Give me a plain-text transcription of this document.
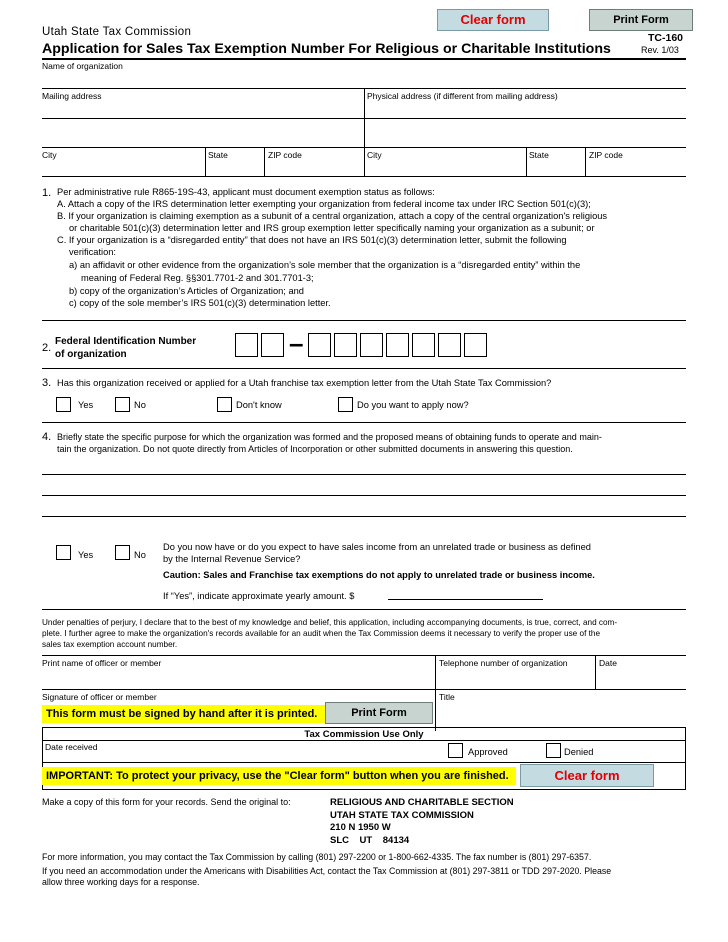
Clear form	Print Form
Utah State Tax Commission
Application for Sales Tax Exemption Number For Religious or Charitable Institutions
TC-160
Rev. 1/03
Name of organization
Mailing address	Physical address (if different from mailing address)
City	State	ZIP code	City	State	ZIP code
1. Per administrative rule R865-19S-43, applicant must document exemption status as follows:
A. Attach a copy of the IRS determination letter exempting your organization from federal income tax under IRC Section 501(c)(3);
B. If your organization is claiming exemption as a subunit of a central organization, attach a copy of the central organization's religious
or charitable 501(c)(3) determination letter and IRS group exemption letter specifically naming your organization as a subunit; or
C. If your organization is a “disregarded entity” that does not have an IRS 501(c)(3) determination letter, submit the following
verification:
a) an affidavit or other evidence from the organization’s sole member that the organization is a “disregarded entity” within the
meaning of Federal Reg. §§301.7701-2 and 301.7701-3;
b) copy of the organization’s Articles of Organization; and
c) copy of the sole member’s IRS 501(c)(3) determination letter.
2.
Federal Identification Number
of organization	–
3. Has this organization received or applied for a Utah franchise tax exemption letter from the Utah State Tax Commission?
Yes	No	Don't know	Do you want to apply now?
4. Briefly state the specific purpose for which the organization was formed and the proposed means of obtaining funds to operate and main-
tain the organization. Do not quote directly from Articles of Incorporation or other submitted documents in answering this question.
Yes	No
Do you now have or do you expect to have sales income from an unrelated trade or business as defined
by the Internal Revenue Service?
Caution: Sales and Franchise tax exemptions do not apply to unrelated trade or business income.
If “Yes”, indicate approximate yearly amount. $
Under penalties of perjury, I declare that to the best of my knowledge and belief, this application, including accompanying documents, is true, correct, and com-
plete. I further agree to make the organization's records available for an audit when the Tax Commission deems it necessary to verify the proper use of the
sales tax exemption account number.
Print name of officer or member	Telephone number of organization	Date
Signature of officer or member	Title
This form must be signed by hand after it is printed.	Print Form
Tax Commission Use Only
Date received	Approved	Denied
IMPORTANT: To protect your privacy, use the "Clear form" button when you are finished.	Clear form
Make a copy of this form for your records. Send the original to:	RELIGIOUS AND CHARITABLE SECTION
UTAH STATE TAX COMMISSION
210 N 1950 W
SLC    UT    84134
For more information, you may contact the Tax Commission by calling (801) 297-2200 or 1-800-662-4335. The fax number is (801) 297-6357.
If you need an accommodation under the Americans with Disabilities Act, contact the Tax Commission at (801) 297-3811 or TDD 297-2020. Please
allow three working days for a response.
